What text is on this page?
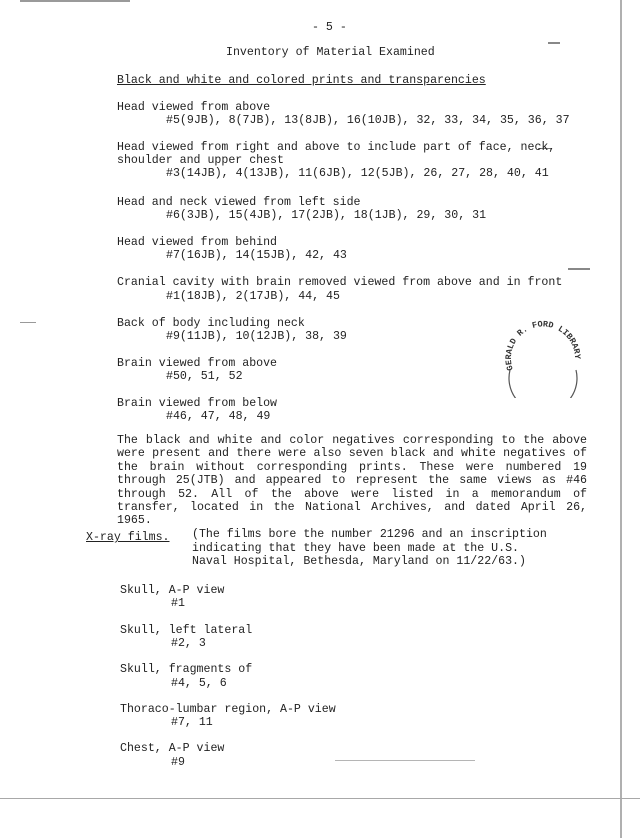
- 5 -
Inventory of Material Examined
Black and white and colored prints and transparencies
Head viewed from above
#5(9JB), 8(7JB), 13(8JB), 16(10JB), 32, 33, 34, 35, 36, 37
Head viewed from right and above to include part of face, neck,
shoulder and upper chest
#3(14JB), 4(13JB), 11(6JB), 12(5JB), 26, 27, 28, 40, 41
Head and neck viewed from left side
#6(3JB), 15(4JB), 17(2JB), 18(1JB), 29, 30, 31
Head viewed from behind
#7(16JB), 14(15JB), 42, 43
Cranial cavity with brain removed viewed from above and in front
#1(18JB), 2(17JB), 44, 45
Back of body including neck
#9(11JB), 10(12JB), 38, 39
Brain viewed from above
#50, 51, 52
Brain viewed from below
#46, 47, 48, 49
GERALD R. FORD LIBRARY
The black and white and color negatives corresponding to the above were present and there were also seven black and white negatives of the brain without corresponding prints. These were numbered 19 through 25(JTB) and appeared to represent the same views as #46 through 52. All of the above were listed in a memorandum of transfer, located in the National Archives, and dated April 26, 1965.
X-ray films. (The films bore the number 21296 and an inscription indicating that they have been made at the U.S. Naval Hospital, Bethesda, Maryland on 11/22/63.)
Skull, A-P view
#1
Skull, left lateral
#2, 3
Skull, fragments of
#4, 5, 6
Thoraco-lumbar region, A-P view
#7, 11
Chest, A-P view
#9
